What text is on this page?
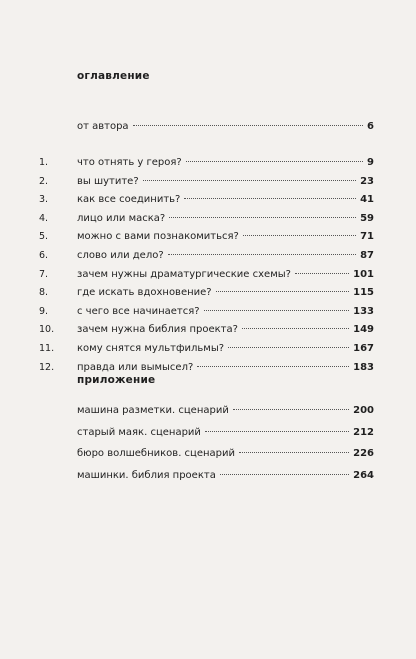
оглавление
от автора	6
1.	что отнять у героя?	9
2.	вы шутите?	23
3.	как все соединить?	41
4.	лицо или маска?	59
5.	можно с вами познакомиться?	71
6.	слово или дело?	87
7.	зачем нужны драматургические схемы?	101
8.	где искать вдохновение?	115
9.	с чего все начинается?	133
10.	зачем нужна библия проекта?	149
11.	кому снятся мультфильмы?	167
12.	правда или вымысел?	183
приложение
машина разметки. сценарий	200
старый маяк. сценарий	212
бюро волшебников. сценарий	226
машинки. библия проекта	264
